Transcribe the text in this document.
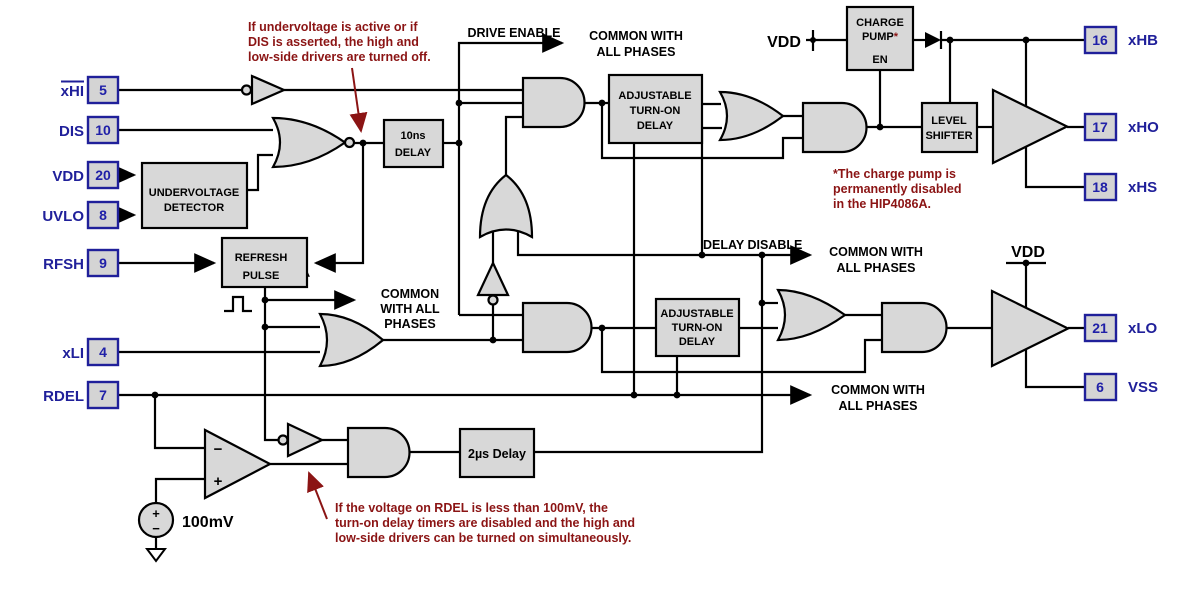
UNDERVOLTAGE
DETECTOR
10ns
DELAY
REFRESH
PULSE
ADJUSTABLE
TURN-ON
DELAY
ADJUSTABLE
TURN-ON
DELAY
CHARGE
PUMP*
EN
LEVEL
SHIFTER
2µs Delay
xHI 5
DIS 10
VDD 20
UVLO 8
RFSH 9
xLI 4
RDEL 7
16 xHB
17 xHO
18 xHS
21 xLO
6 VSS
DRIVE ENABLE COMMON WITH
ALL PHASES
COMMON
WITH ALL
PHASES
DELAY DISABLE COMMON WITH
ALL PHASES
COMMON WITH
ALL PHASES
VDD
VDD
100mV
−
+
+
−
If undervoltage is active or if
DIS is asserted, the high and
low-side drivers are turned off.
*The charge pump is
permanently disabled
in the HIP4086A.
If the voltage on RDEL is less than 100mV, the
turn-on delay timers are disabled and the high and
low-side drivers can be turned on simultaneously.
